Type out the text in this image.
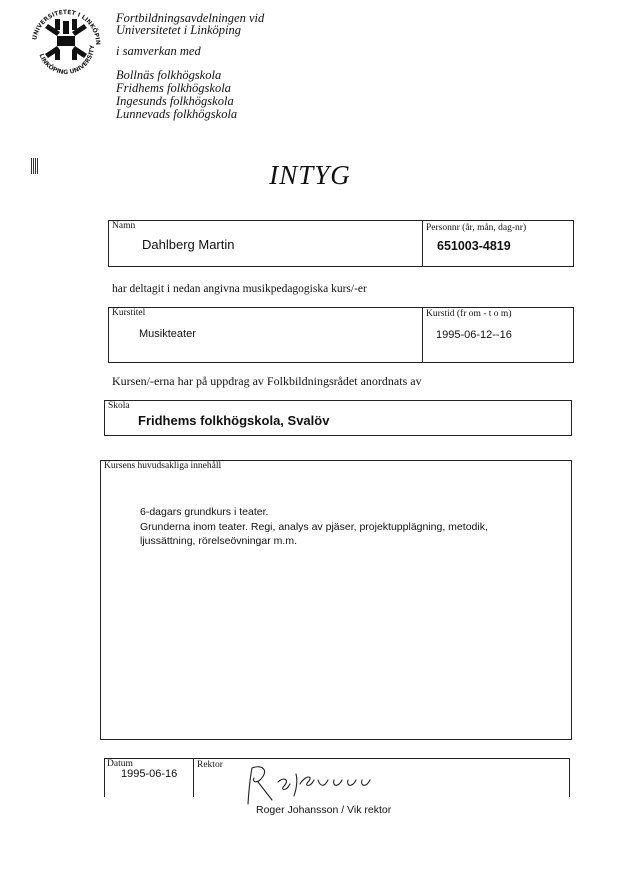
UNIVERSITETET I LINKÖPIN
LINKÖPING UNIVERSITY
Fortbildningsavdelningen vid
Universitetet i Linköping
i samverkan med
Bollnäs folkhögskola
Fridhems folkhögskola
Ingesunds folkhögskola
Lunnevads folkhögskola
INTYG
Namn
Dahlberg Martin
Personnr (år, mån, dag-nr)
651003-4819
har deltagit i nedan angivna musikpedagogiska kurs/-er
Kurstitel
Musikteater
Kurstid (fr om - t o m)
1995-06-12--16
Kursen/-erna har på uppdrag av Folkbildningsrådet anordnats av
Skola
Fridhems folkhögskola, Svalöv
Kursens huvudsakliga innehåll
6-dagars grundkurs i teater.
Grunderna inom teater. Regi, analys av pjäser, projektupplägning, metodik,
ljussättning, rörelseövningar m.m.
Datum
1995-06-16
Rektor
Roger Johansson / Vik rektor
